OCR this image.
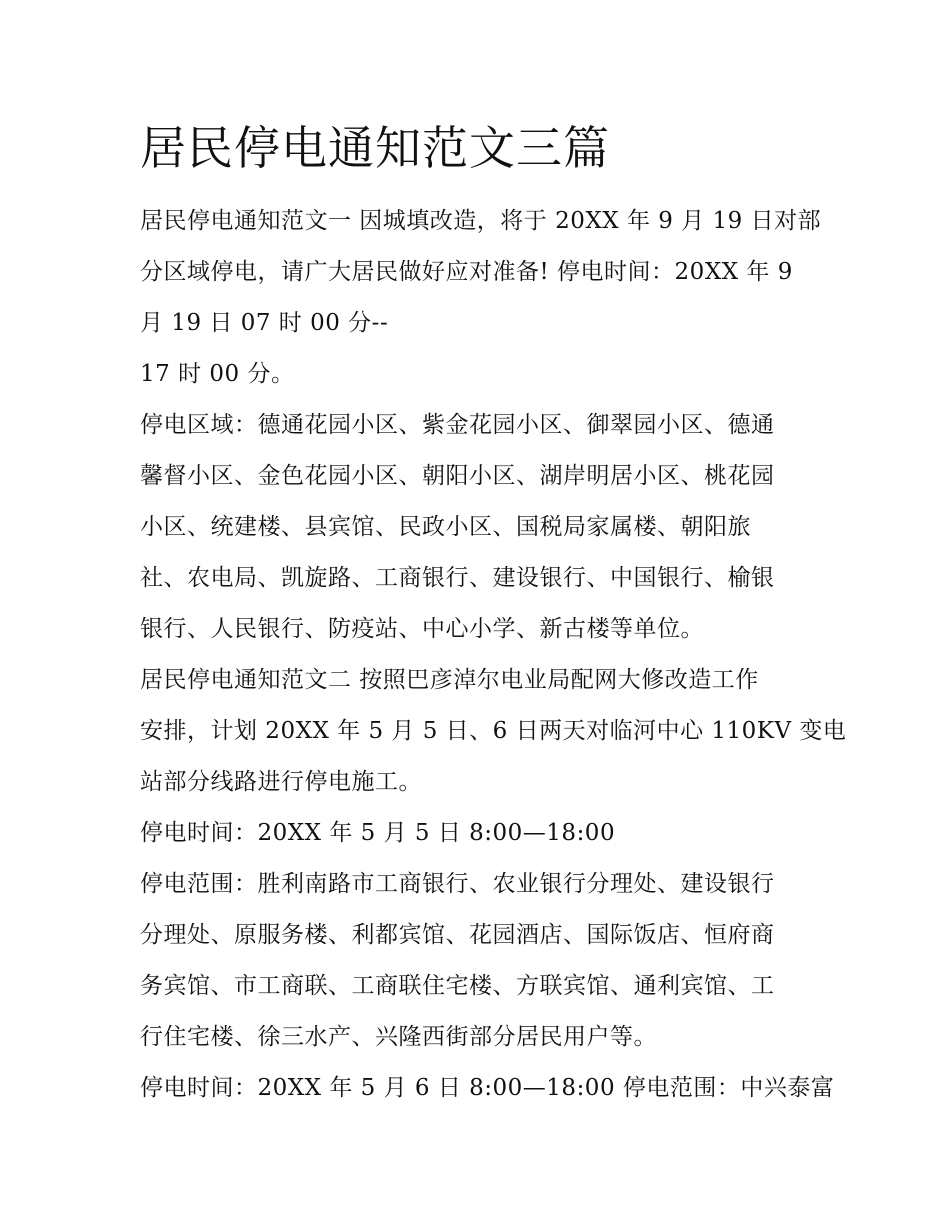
居民停电通知范文三篇

居民停电通知范文一 因城填改造，将于 20XX 年 9 月 19 日对部

分区域停电，请广大居民做好应对准备! 停电时间：20XX 年 9

月 19 日 07 时 00 分--

17 时 00 分。

停电区域：德通花园小区、紫金花园小区、御翠园小区、德通

馨督小区、金色花园小区、朝阳小区、湖岸明居小区、桃花园

小区、统建楼、县宾馆、民政小区、国税局家属楼、朝阳旅

社、农电局、凯旋路、工商银行、建设银行、中国银行、榆银

银行、人民银行、防疫站、中心小学、新古楼等单位。

居民停电通知范文二 按照巴彦淖尔电业局配网大修改造工作

安排，计划 20XX 年 5 月 5 日、6 日两天对临河中心 110KV 变电

站部分线路进行停电施工。

停电时间：20XX 年 5 月 5 日 8:00—18:00

停电范围：胜利南路市工商银行、农业银行分理处、建设银行

分理处、原服务楼、利都宾馆、花园酒店、国际饭店、恒府商

务宾馆、市工商联、工商联住宅楼、方联宾馆、通利宾馆、工

行住宅楼、徐三水产、兴隆西街部分居民用户等。

停电时间：20XX 年 5 月 6 日 8:00—18:00 停电范围：中兴泰富
